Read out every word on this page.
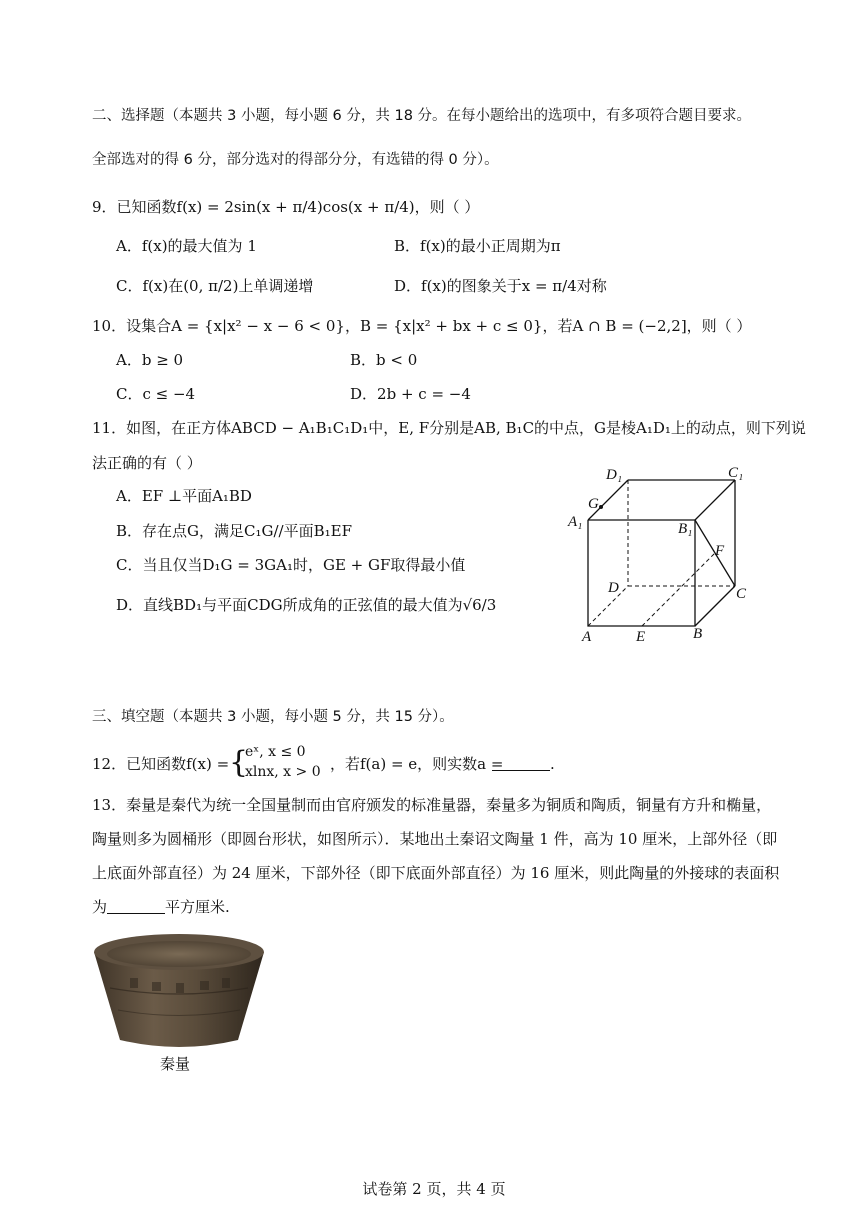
二、选择题（本题共 3 小题，每小题 6 分，共 18 分。在每小题给出的选项中，有多项符合题目要求。
全部选对的得 6 分，部分选对的得部分分，有选错的得 0 分）。
9．已知函数f(x) = 2sin(x + π/4)cos(x + π/4)，则（ ）
A．f(x)的最大值为 1	B．f(x)的最小正周期为π
C．f(x)在(0, π/2)上单调递增	D．f(x)的图象关于x = π/4对称
10．设集合A = {x|x² − x − 6 < 0}，B = {x|x² + bx + c ≤ 0}，若A ∩ B = (−2,2]，则（ ）
A．b ≥ 0	B．b < 0
C．c ≤ −4	D．2b + c = −4
11．如图，在正方体ABCD − A₁B₁C₁D₁中，E, F分别是AB, B₁C的中点，G是棱A₁D₁上的动点，则下列说
法正确的有（ ）
A．EF ⊥平面A₁BD
B．存在点G，满足C₁G//平面B₁EF
C．当且仅当D₁G = 3GA₁时，GE + GF取得最小值
D．直线BD₁与平面CDG所成角的正弦值的最大值为√6/3
D₁	C₁
G
A₁	B₁
F
D	C
A	E	B
三、填空题（本题共 3 小题，每小题 5 分，共 15 分）。
12．已知函数f(x) = {
eˣ, x ≤ 0
xlnx, x > 0 ，若f(a) = e，则实数a =	.
13．秦量是秦代为统一全国量制而由官府颁发的标准量器，秦量多为铜质和陶质，铜量有方升和椭量，
陶量则多为圆桶形（即圆台形状，如图所示）．某地出土秦诏文陶量 1 件，高为 10 厘米，上部外径（即
上底面外部直径）为 24 厘米，下部外径（即下底面外部直径）为 16 厘米，则此陶量的外接球的表面积
为	平方厘米.
秦量
试卷第 2 页，共 4 页
